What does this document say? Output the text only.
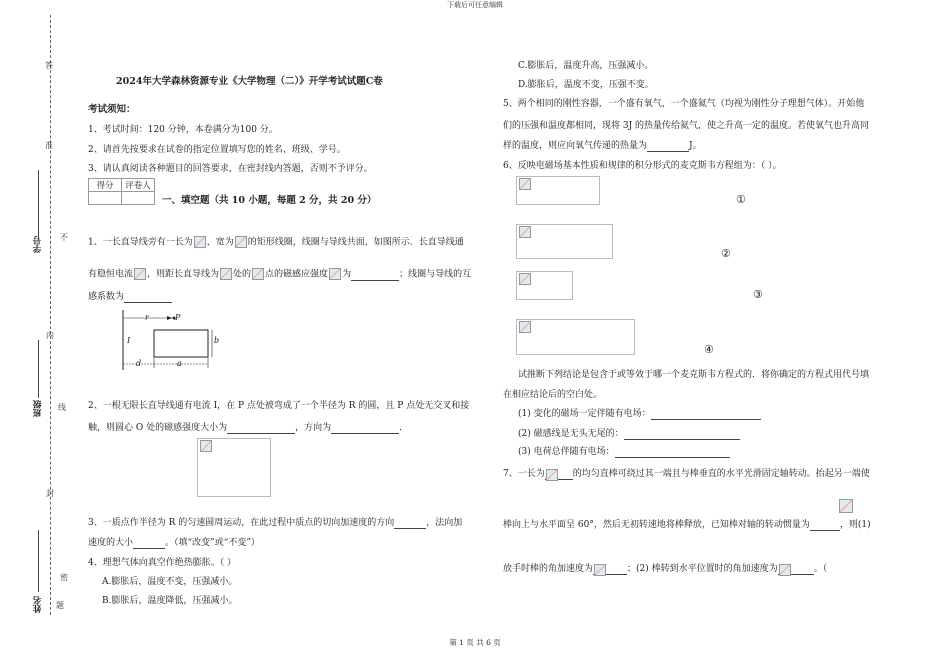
下载后可任意编辑
第 1 页 共 6 页
答
准
不
内
线
封
密
题
学号
班级
姓名
2024年大学森林资源专业《大学物理（二）》开学考试试题C卷
考试须知：
1、考试时间：120 分钟，本卷满分为100 分。
2、请首先按要求在试卷的指定位置填写您的姓名、班级、学号。
3、请认真阅读各种题目的回答要求，在密封线内答题，否则不予评分。
得分	评卷人

一、填空题（共 10 小题，每题 2 分，共 20 分）
1、一长直导线旁有一长为 ，宽为 的矩形线圈，线圈与导线共面，如图所示．长直导线通
有稳恒电流 ，则距长直导线为 处的 点的磁感应强度 为	；线圈与导线的互
感系数为
r	P
I	b
d	a
2、一根无限长直导线通有电流 I，在 P 点处被弯成了一个半径为 R 的圆，且 P 点处无交叉和接
触，则圆心 O 处的磁感强度大小为	，方向为	．
3、一质点作半径为 R 的匀速圆周运动，在此过程中质点的切向加速度的方向	，法向加
速度的大小	。（填“改变”或“不变”）
4、理想气体向真空作绝热膨胀。（ ）
A.膨胀后，温度不变，压强减小。
B.膨胀后，温度降低，压强减小。
C.膨胀后，温度升高，压强减小。
D.膨胀后，温度不变，压强不变。
5、两个相同的刚性容器，一个盛有氧气，一个盛氦气（均视为刚性分子理想气体）。开始他
们的压强和温度都相同，现将 3J 的热量传给氦气，使之升高一定的温度。若使氧气也升高同
样的温度，则应向氧气传递的热量为	J。
6、反映电磁场基本性质和规律的积分形式的麦克斯韦方程组为：（ ）。
①
②
③
④
试推断下列结论是包含于或等效于哪一个麦克斯韦方程式的．将你确定的方程式用代号填
在相应结论后的空白处。
(1) 变化的磁场一定伴随有电场：
(2) 磁感线是无头无尾的：
(3) 电荷总伴随有电场：
7、一长为	的均匀直棒可绕过其一端且与棒垂直的水平光滑固定轴转动。抬起另一端使
棒向上与水平面呈 60°，然后无初转速地将棒释放，已知棒对轴的转动惯量为	，则(1)
放手时棒的角加速度为	；(2) 棒转到水平位置时的角加速度为	。（
